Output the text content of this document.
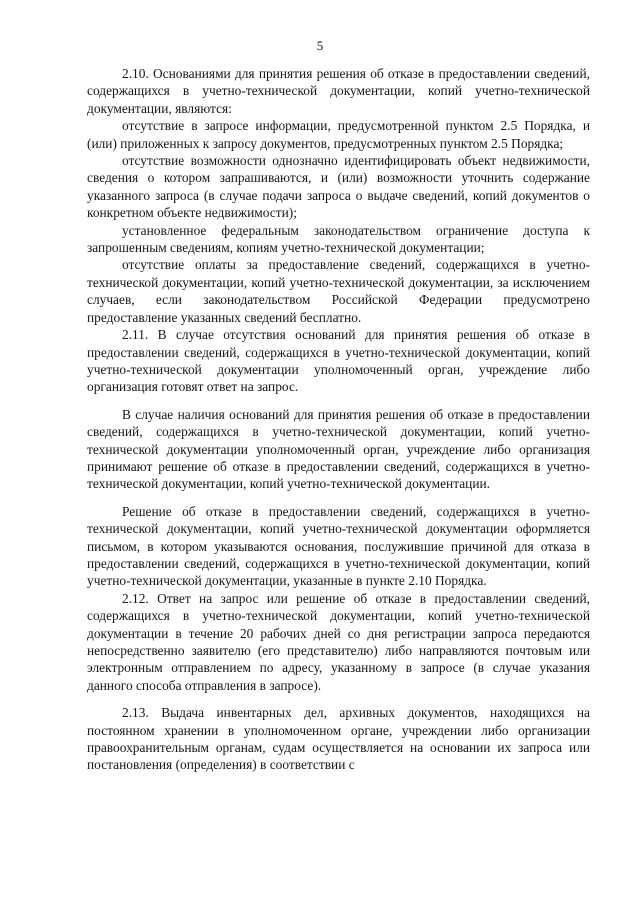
5

2.10. Основаниями для принятия решения об отказе в предоставлении сведений, содержащихся в учетно-технической документации, копий учетно-технической документации, являются:

отсутствие в запросе информации, предусмотренной пунктом 2.5 Порядка, и (или) приложенных к запросу документов, предусмотренных пунктом 2.5 Порядка;

отсутствие возможности однозначно идентифицировать объект недвижимости, сведения о котором запрашиваются, и (или) возможности уточнить содержание указанного запроса (в случае подачи запроса о выдаче сведений, копий документов о конкретном объекте недвижимости);

установленное федеральным законодательством ограничение доступа к запрошенным сведениям, копиям учетно-технической документации;

отсутствие оплаты за предоставление сведений, содержащихся в учетно-технической документации, копий учетно-технической документации, за исключением случаев, если законодательством Российской Федерации предусмотрено предоставление указанных сведений бесплатно.

2.11. В случае отсутствия оснований для принятия решения об отказе в предоставлении сведений, содержащихся в учетно-технической документации, копий учетно-технической документации уполномоченный орган, учреждение либо организация готовят ответ на запрос.

В случае наличия оснований для принятия решения об отказе в предоставлении сведений, содержащихся в учетно-технической документации, копий учетно-технической документации уполномоченный орган, учреждение либо организация принимают решение об отказе в предоставлении сведений, содержащихся в учетно-технической документации, копий учетно-технической документации.

Решение об отказе в предоставлении сведений, содержащихся в учетно-технической документации, копий учетно-технической документации оформляется письмом, в котором указываются основания, послужившие причиной для отказа в предоставлении сведений, содержащихся в учетно-технической документации, копий учетно-технической документации, указанные в пункте 2.10 Порядка.

2.12. Ответ на запрос или решение об отказе в предоставлении сведений, содержащихся в учетно-технической документации, копий учетно-технической документации в течение 20 рабочих дней со дня регистрации запроса передаются непосредственно заявителю (его представителю) либо направляются почтовым или электронным отправлением по адресу, указанному в запросе (в случае указания данного способа отправления в запросе).

2.13. Выдача инвентарных дел, архивных документов, находящихся на постоянном хранении в уполномоченном органе, учреждении либо организации правоохранительным органам, судам осуществляется на основании их запроса или постановления (определения) в соответствии с
